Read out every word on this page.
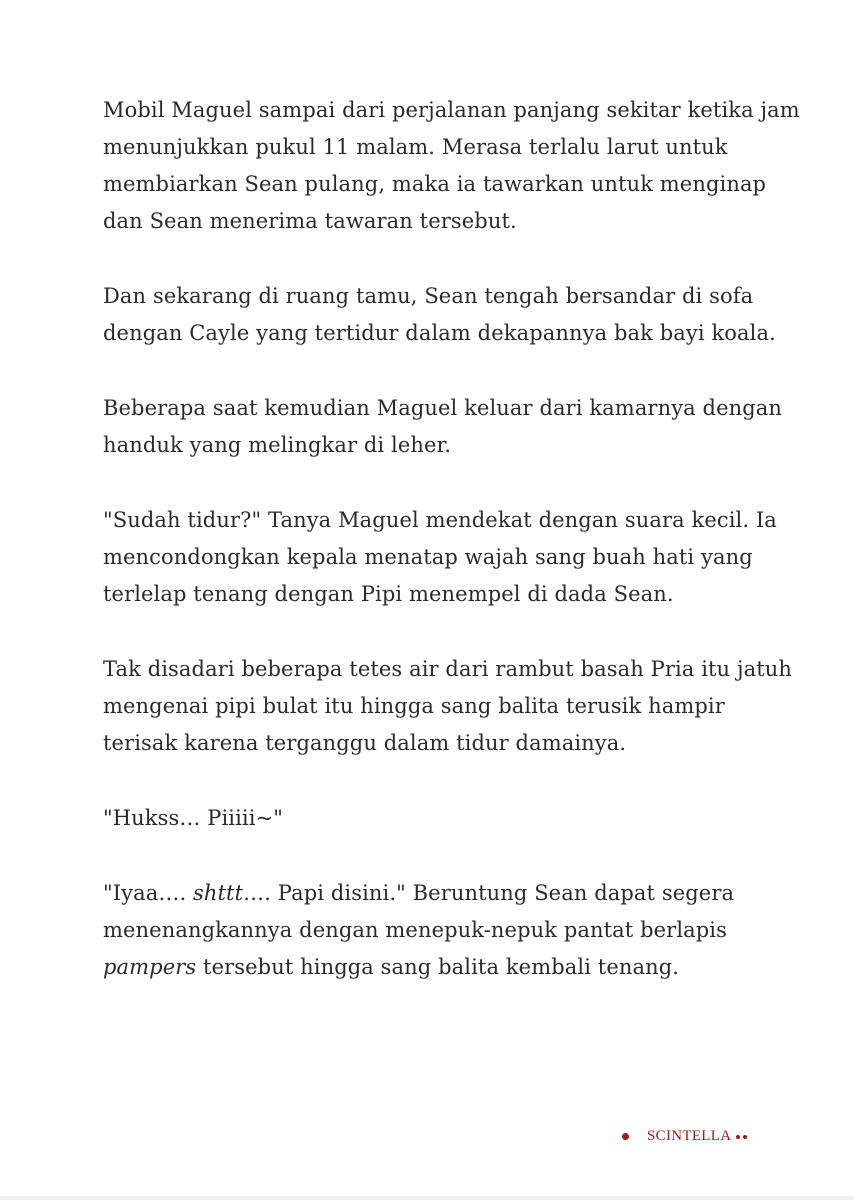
Mobil Maguel sampai dari perjalanan panjang sekitar ketika jam menunjukkan pukul 11 malam. Merasa terlalu larut untuk membiarkan Sean pulang, maka ia tawarkan untuk menginap dan Sean menerima tawaran tersebut.

Dan sekarang di ruang tamu, Sean tengah bersandar di sofa dengan Cayle yang tertidur dalam dekapannya bak bayi koala.

Beberapa saat kemudian Maguel keluar dari kamarnya dengan handuk yang melingkar di leher.

"Sudah tidur?" Tanya Maguel mendekat dengan suara kecil. Ia mencondongkan kepala menatap wajah sang buah hati yang terlelap tenang dengan Pipi menempel di dada Sean.

Tak disadari beberapa tetes air dari rambut basah Pria itu jatuh mengenai pipi bulat itu hingga sang balita terusik hampir terisak karena terganggu dalam tidur damainya.

"Hukss… Piiiii~"

"Iyaa…. shttt…. Papi disini." Beruntung Sean dapat segera menenangkannya dengan menepuk-nepuk pantat berlapis pampers tersebut hingga sang balita kembali tenang.

SCINTELLA
